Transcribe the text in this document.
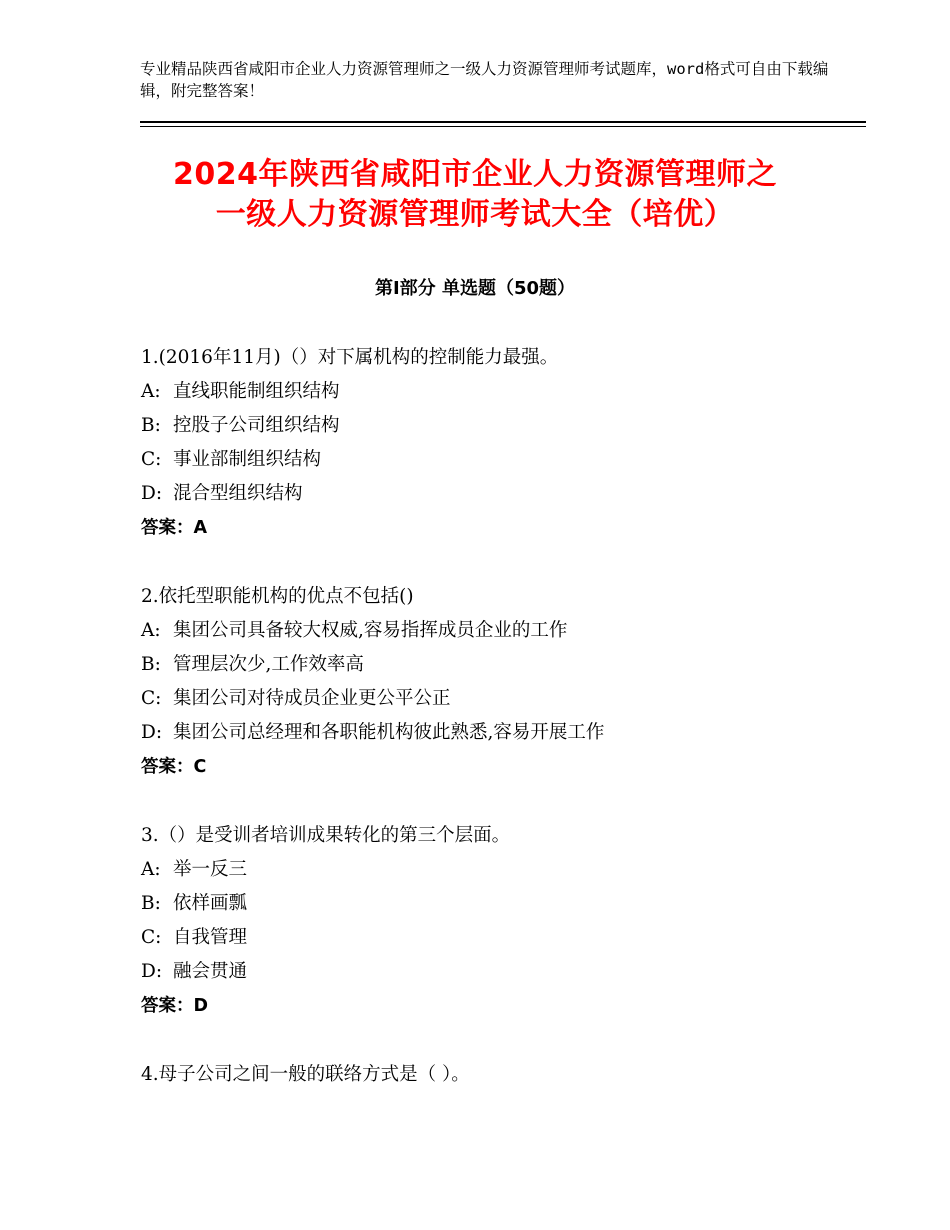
专业精品陕西省咸阳市企业人力资源管理师之一级人力资源管理师考试题库，word格式可自由下载编辑，附完整答案！
2024年陕西省咸阳市企业人力资源管理师之
一级人力资源管理师考试大全（培优）
第Ⅰ部分 单选题（50题）
1.(2016年11月)（）对下属机构的控制能力最强。
A: 直线职能制组织结构
B: 控股子公司组织结构
C: 事业部制组织结构
D: 混合型组织结构
答案：A
2.依托型职能机构的优点不包括()
A: 集团公司具备较大权威,容易指挥成员企业的工作
B: 管理层次少,工作效率高
C: 集团公司对待成员企业更公平公正
D: 集团公司总经理和各职能机构彼此熟悉,容易开展工作
答案：C
3.（）是受训者培训成果转化的第三个层面。
A: 举一反三
B: 依样画瓢
C: 自我管理
D: 融会贯通
答案：D
4.母子公司之间一般的联络方式是（ ）。
